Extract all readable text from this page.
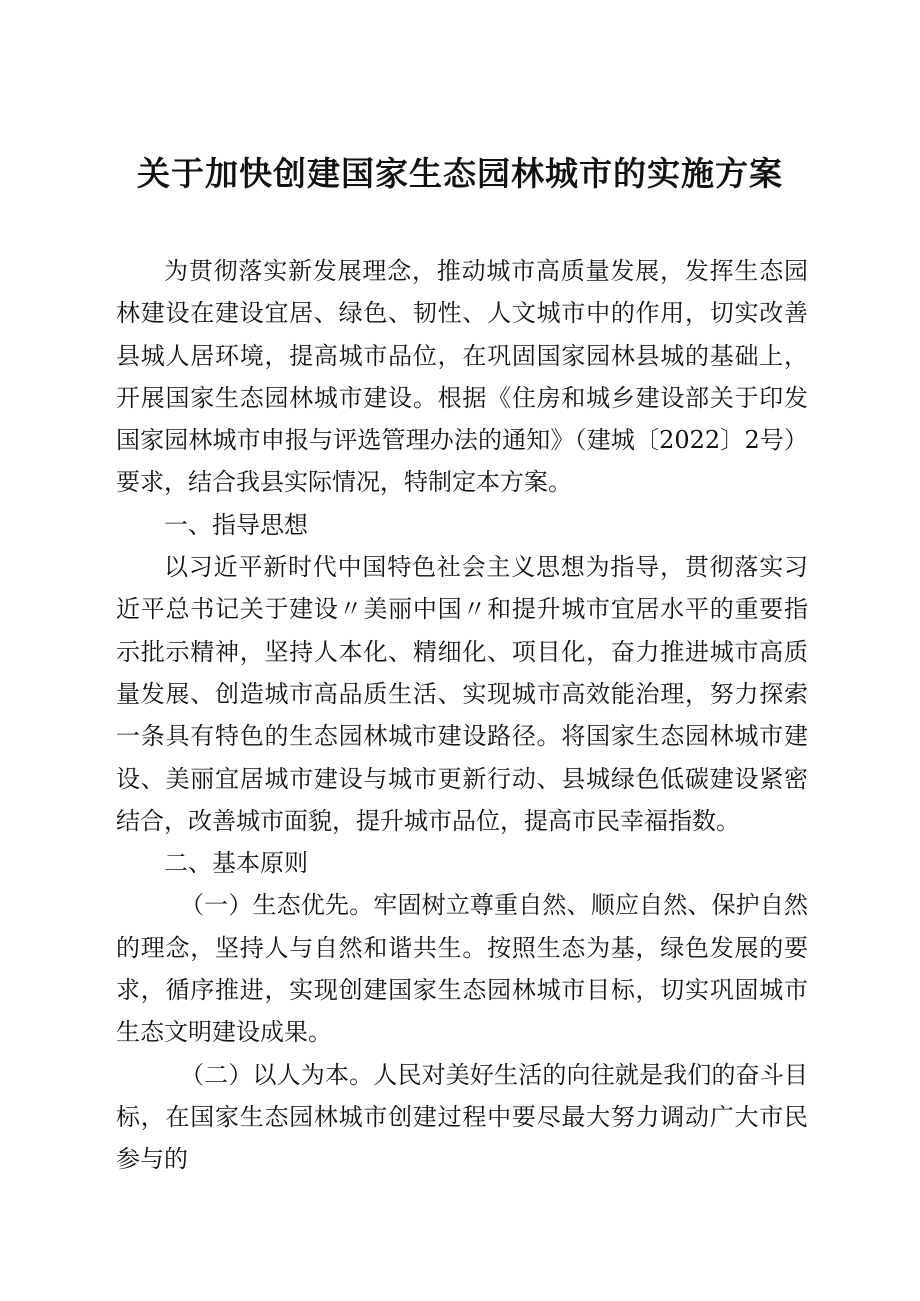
关于加快创建国家生态园林城市的实施方案

为贯彻落实新发展理念，推动城市高质量发展，发挥生态园林建设在建设宜居、绿色、韧性、人文城市中的作用，切实改善县城人居环境，提高城市品位，在巩固国家园林县城的基础上，开展国家生态园林城市建设。根据《住房和城乡建设部关于印发国家园林城市申报与评选管理办法的通知》（建城〔2022〕2号）要求，结合我县实际情况，特制定本方案。

一、指导思想

以习近平新时代中国特色社会主义思想为指导，贯彻落实习近平总书记关于建设〃美丽中国〃和提升城市宜居水平的重要指示批示精神，坚持人本化、精细化、项目化，奋力推进城市高质量发展、创造城市高品质生活、实现城市高效能治理，努力探索一条具有特色的生态园林城市建设路径。将国家生态园林城市建设、美丽宜居城市建设与城市更新行动、县城绿色低碳建设紧密结合，改善城市面貌，提升城市品位，提高市民幸福指数。

二、基本原则

（一）生态优先。牢固树立尊重自然、顺应自然、保护自然的理念，坚持人与自然和谐共生。按照生态为基，绿色发展的要求，循序推进，实现创建国家生态园林城市目标，切实巩固城市生态文明建设成果。

（二）以人为本。人民对美好生活的向往就是我们的奋斗目标，在国家生态园林城市创建过程中要尽最大努力调动广大市民参与的
